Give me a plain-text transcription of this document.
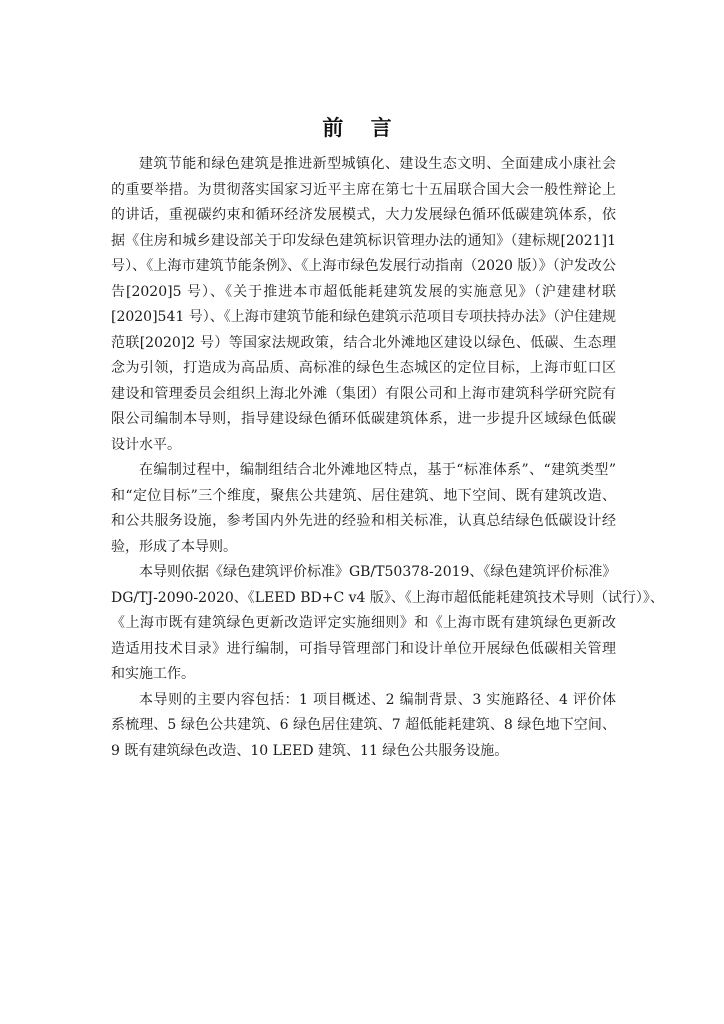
前 言
建筑节能和绿色建筑是推进新型城镇化、建设生态文明、全面建成小康社会
的重要举措。为贯彻落实国家习近平主席在第七十五届联合国大会一般性辩论上
的讲话，重视碳约束和循环经济发展模式，大力发展绿色循环低碳建筑体系，依
据《住房和城乡建设部关于印发绿色建筑标识管理办法的通知》（建标规[2021]1
号）、《上海市建筑节能条例》、《上海市绿色发展行动指南（2020 版）》（沪发改公
告[2020]5 号）、《关于推进本市超低能耗建筑发展的实施意见》（沪建建材联
[2020]541 号）、《上海市建筑节能和绿色建筑示范项目专项扶持办法》（沪住建规
范联[2020]2 号）等国家法规政策，结合北外滩地区建设以绿色、低碳、生态理
念为引领，打造成为高品质、高标准的绿色生态城区的定位目标，上海市虹口区
建设和管理委员会组织上海北外滩（集团）有限公司和上海市建筑科学研究院有
限公司编制本导则，指导建设绿色循环低碳建筑体系，进一步提升区域绿色低碳
设计水平。
在编制过程中，编制组结合北外滩地区特点，基于“标准体系”、“建筑类型”
和“定位目标”三个维度，聚焦公共建筑、居住建筑、地下空间、既有建筑改造、
和公共服务设施，参考国内外先进的经验和相关标准，认真总结绿色低碳设计经
验，形成了本导则。
本导则依据《绿色建筑评价标准》GB/T50378-2019、《绿色建筑评价标准》
DG/TJ-2090-2020、《LEED BD+C v4 版》、《上海市超低能耗建筑技术导则（试行）》、
《上海市既有建筑绿色更新改造评定实施细则》和《上海市既有建筑绿色更新改
造适用技术目录》进行编制，可指导管理部门和设计单位开展绿色低碳相关管理
和实施工作。
本导则的主要内容包括：1 项目概述、2 编制背景、3 实施路径、4 评价体
系梳理、5 绿色公共建筑、6 绿色居住建筑、7 超低能耗建筑、8 绿色地下空间、
9 既有建筑绿色改造、10 LEED 建筑、11 绿色公共服务设施。
